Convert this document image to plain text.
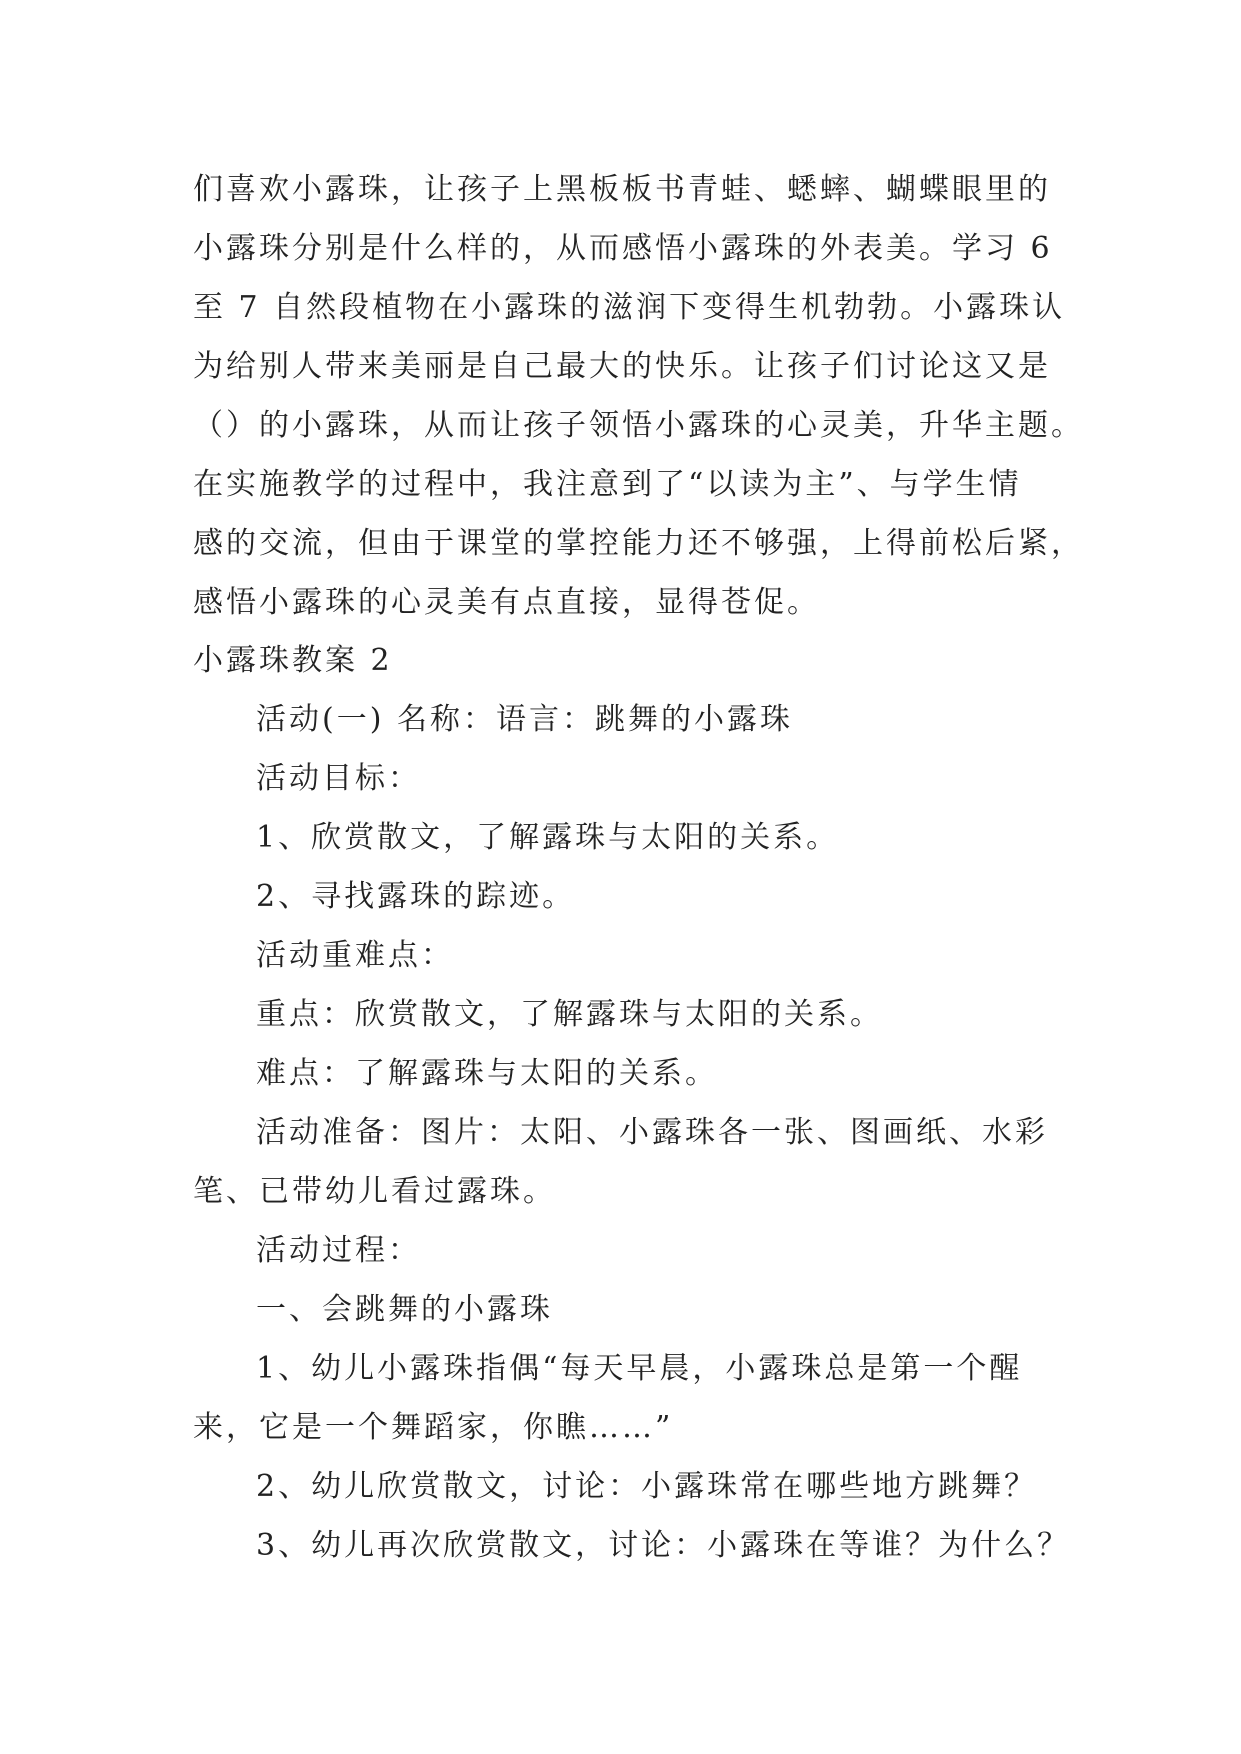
们喜欢小露珠，让孩子上黑板板书青蛙、蟋蟀、蝴蝶眼里的
小露珠分别是什么样的，从而感悟小露珠的外表美。学习 6
至 7 自然段植物在小露珠的滋润下变得生机勃勃。小露珠认
为给别人带来美丽是自己最大的快乐。让孩子们讨论这又是
（）的小露珠，从而让孩子领悟小露珠的心灵美，升华主题。
在实施教学的过程中，我注意到了“以读为主”、与学生情
感的交流，但由于课堂的掌控能力还不够强，上得前松后紧，
感悟小露珠的心灵美有点直接，显得苍促。
小露珠教案 2
活动(一) 名称：语言：跳舞的小露珠
活动目标：
1、欣赏散文，了解露珠与太阳的关系。
2、寻找露珠的踪迹。
活动重难点：
重点：欣赏散文，了解露珠与太阳的关系。
难点：了解露珠与太阳的关系。
活动准备：图片：太阳、小露珠各一张、图画纸、水彩
笔、已带幼儿看过露珠。
活动过程：
一、会跳舞的小露珠
1、幼儿小露珠指偶“每天早晨，小露珠总是第一个醒
来，它是一个舞蹈家，你瞧……”
2、幼儿欣赏散文，讨论：小露珠常在哪些地方跳舞？
3、幼儿再次欣赏散文，讨论：小露珠在等谁？为什么？
